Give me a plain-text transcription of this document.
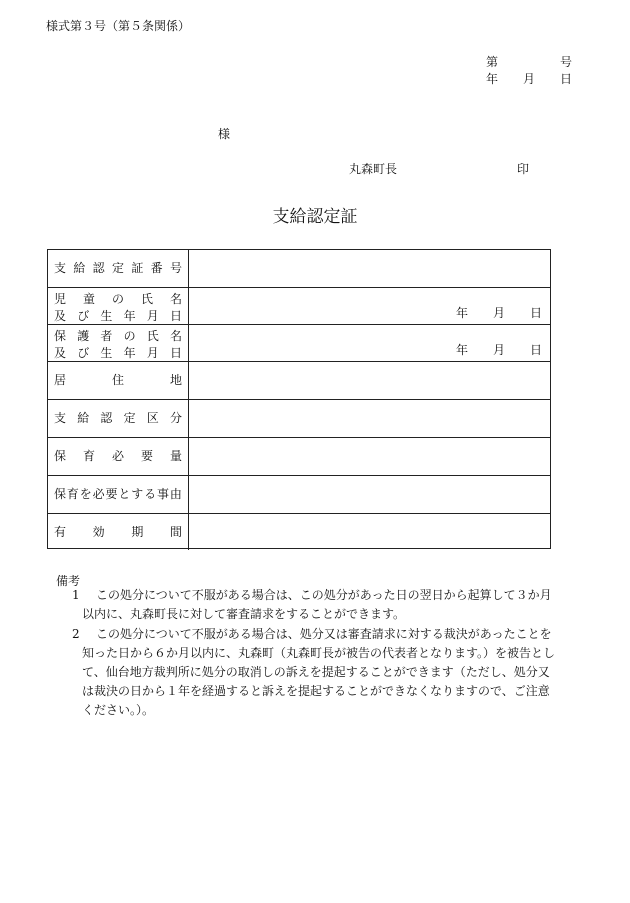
様式第３号（第５条関係）
第	号
年 月 日
様
丸森町長	印
支給認定証
支 給 認 定 証 番 号
児 童 の 氏 名
及 び 生 年 月 日	年 月 日
保 護 者 の 氏 名
及 び 生 年 月 日	年 月 日
居	住	地
支 給 認 定 区 分
保 育 必 要 量
保 育 を 必 要 と す る 事 由
有 効 期 間
備考
1	この処分について不服がある場合は、この処分があった日の翌日から起算して３か月以内に、丸森町長に対して審査請求をすることができます。
2	この処分について不服がある場合は、処分又は審査請求に対する裁決があったことを知った日から６か月以内に、丸森町（丸森町長が被告の代表者となります。）を被告として、仙台地方裁判所に処分の取消しの訴えを提起することができます（ただし、処分又は裁決の日から１年を経過すると訴えを提起することができなくなりますので、ご注意ください。）。
